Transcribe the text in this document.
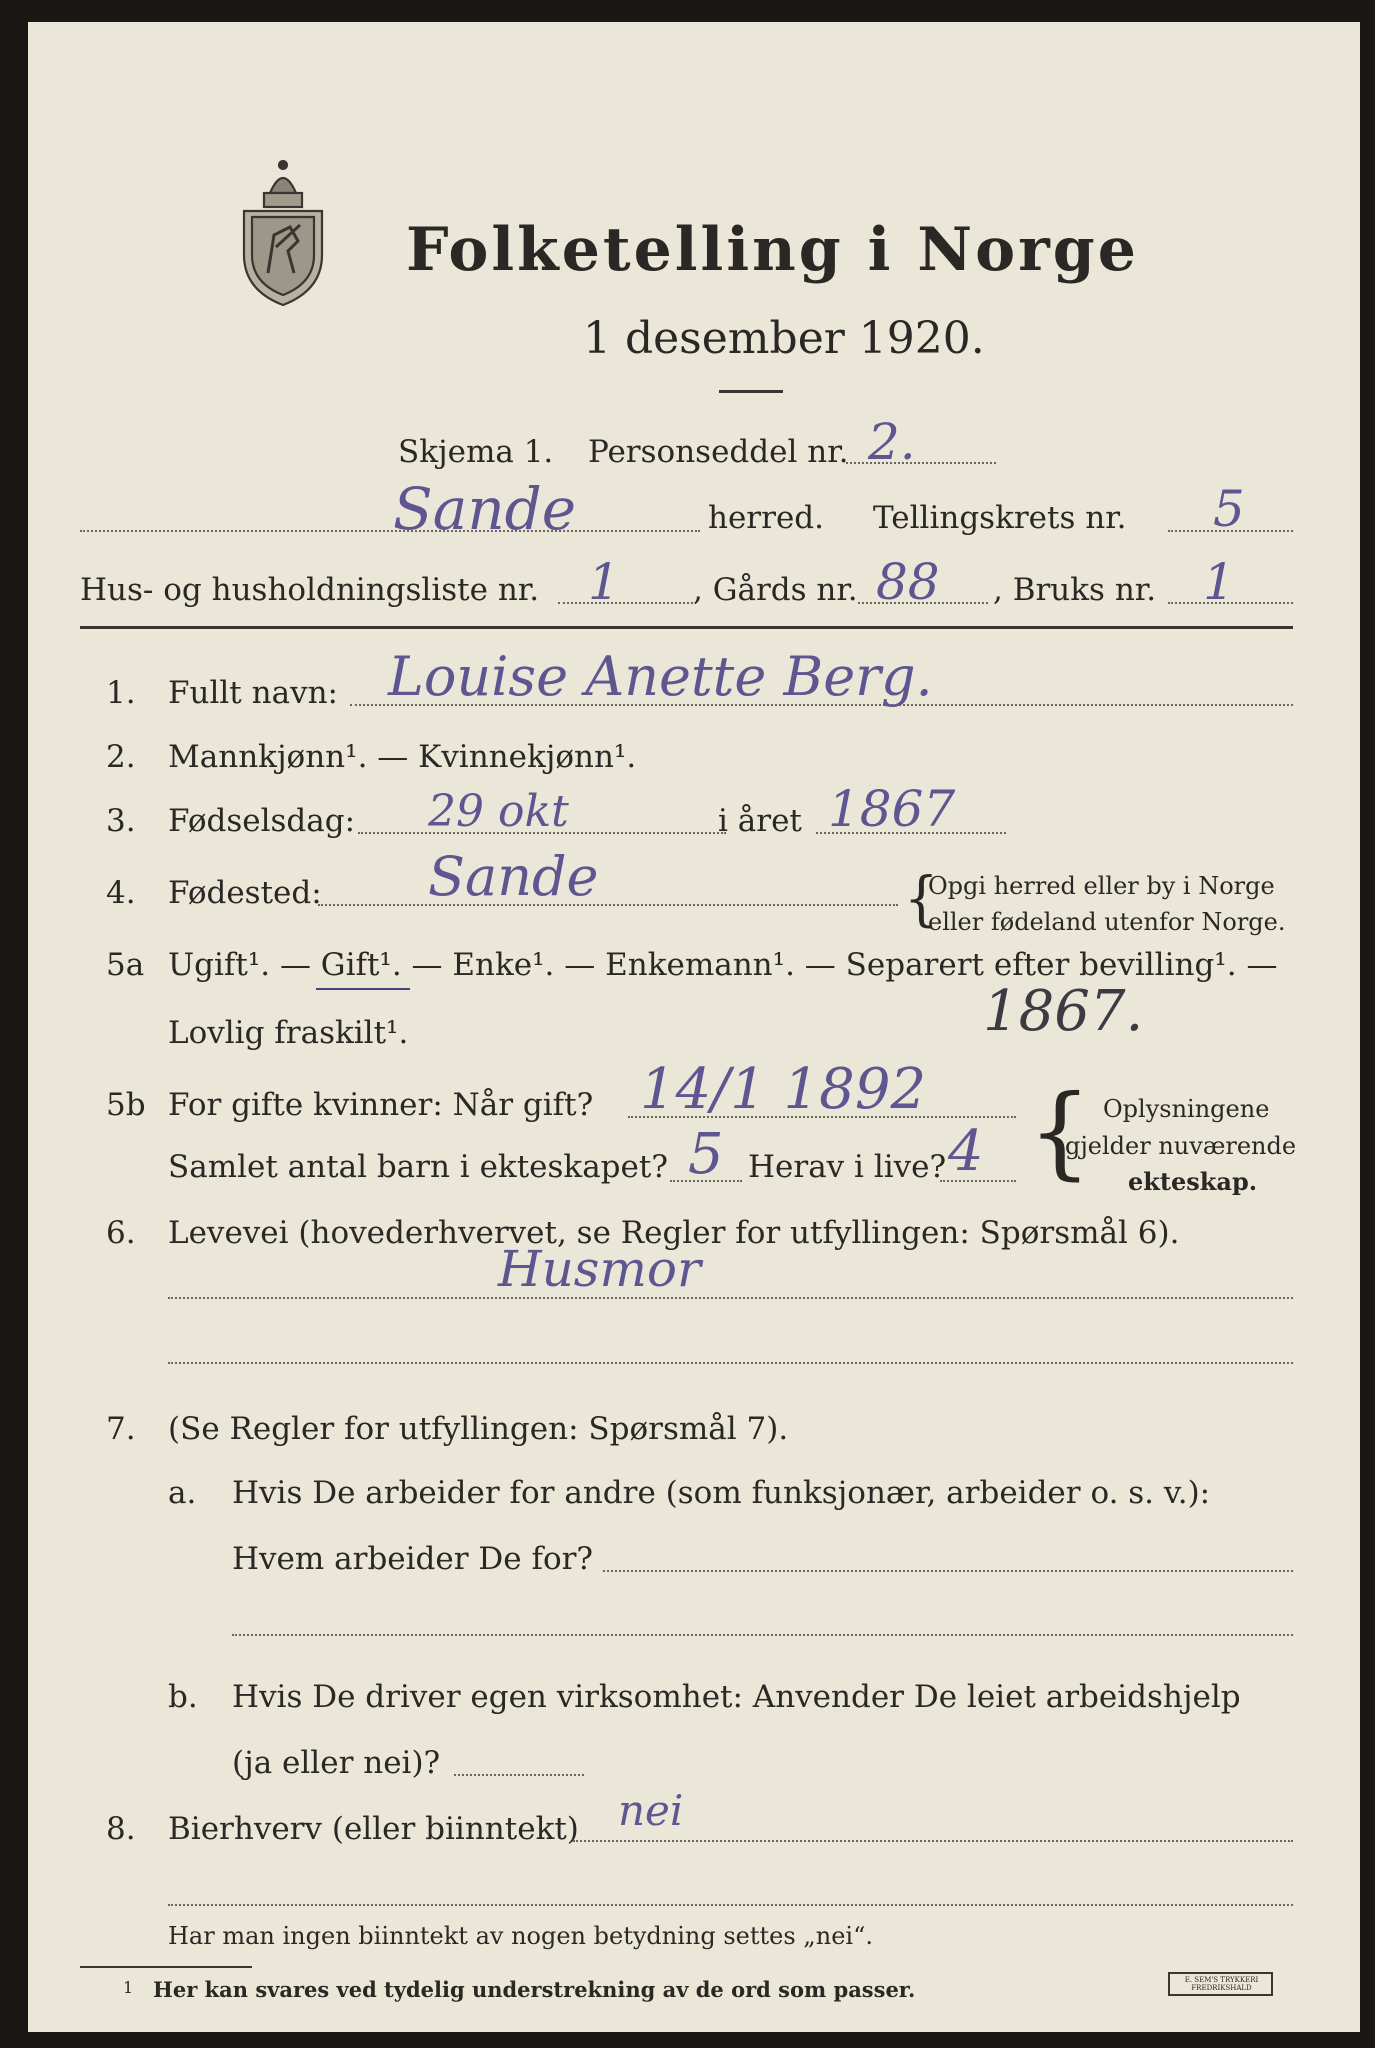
Folketelling i Norge
1 desember 1920.
Skjema 1. Personseddel nr. 2.
Sande	herred. Tellingskrets nr. 5
Hus- og husholdningsliste nr. 1 , Gårds nr. 88 , Bruks nr. 1
1. Fullt navn: Louise Anette Berg.
2. Mannkjønn¹. — Kvinnekjønn¹.
3. Fødselsdag: 29 okt	i året 1867
4. Fødested: Sande	{
Opgi herred eller by i Norge
eller fødeland utenfor Norge.
5a Ugift¹. — Gift¹. — Enke¹. — Enkemann¹. — Separert efter bevilling¹. —
Lovlig fraskilt¹.	1867.
5b For gifte kvinner: Når gift? 14/1 1892
Samlet antal barn i ekteskapet? 5 Herav i live? 4 { Oplysningene
gjelder nuværende
ekteskap.
6. Levevei (hovederhvervet, se Regler for utfyllingen: Spørsmål 6).
Husmor
7. (Se Regler for utfyllingen: Spørsmål 7).
a. Hvis De arbeider for andre (som funksjonær, arbeider o. s. v.):
Hvem arbeider De for?
b. Hvis De driver egen virksomhet: Anvender De leiet arbeidshjelp
(ja eller nei)?
8. Bierhverv (eller biinntekt) nei
Har man ingen biinntekt av nogen betydning settes „nei“.
1 Her kan svares ved tydelig understrekning av de ord som passer.	E. SEM'S TRYKKERI FREDRIKSHALD
